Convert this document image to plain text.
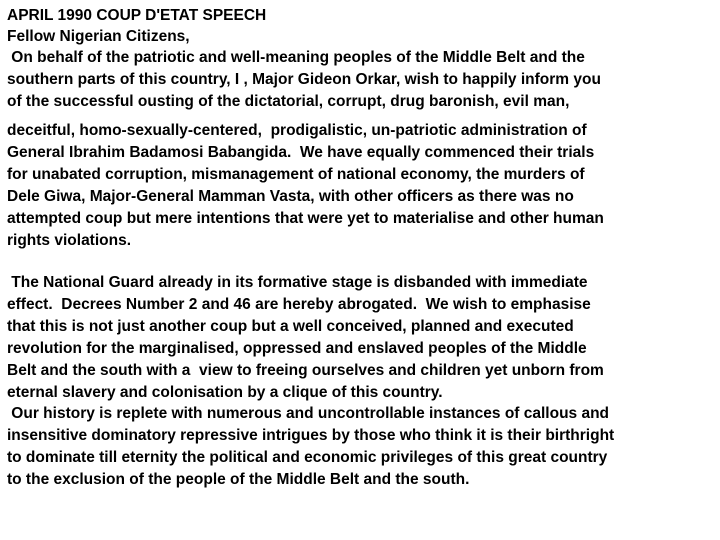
APRIL 1990 COUP D'ETAT SPEECH
Fellow Nigerian Citizens,
On behalf of the patriotic and well-meaning peoples of the Middle Belt and the
southern parts of this country, I , Major Gideon Orkar, wish to happily inform you
of the successful ousting of the dictatorial, corrupt, drug baronish, evil man,
deceitful, homo-sexually-centered,  prodigalistic, un-patriotic administration of
General Ibrahim Badamosi Babangida.  We have equally commenced their trials
for unabated corruption, mismanagement of national economy, the murders of
Dele Giwa, Major-General Mamman Vasta, with other officers as there was no
attempted coup but mere intentions that were yet to materialise and other human
rights violations.
The National Guard already in its formative stage is disbanded with immediate
effect.  Decrees Number 2 and 46 are hereby abrogated.  We wish to emphasise
that this is not just another coup but a well conceived, planned and executed
revolution for the marginalised, oppressed and enslaved peoples of the Middle
Belt and the south with a  view to freeing ourselves and children yet unborn from
eternal slavery and colonisation by a clique of this country.
Our history is replete with numerous and uncontrollable instances of callous and
insensitive dominatory repressive intrigues by those who think it is their birthright
to dominate till eternity the political and economic privileges of this great country
to the exclusion of the people of the Middle Belt and the south.
